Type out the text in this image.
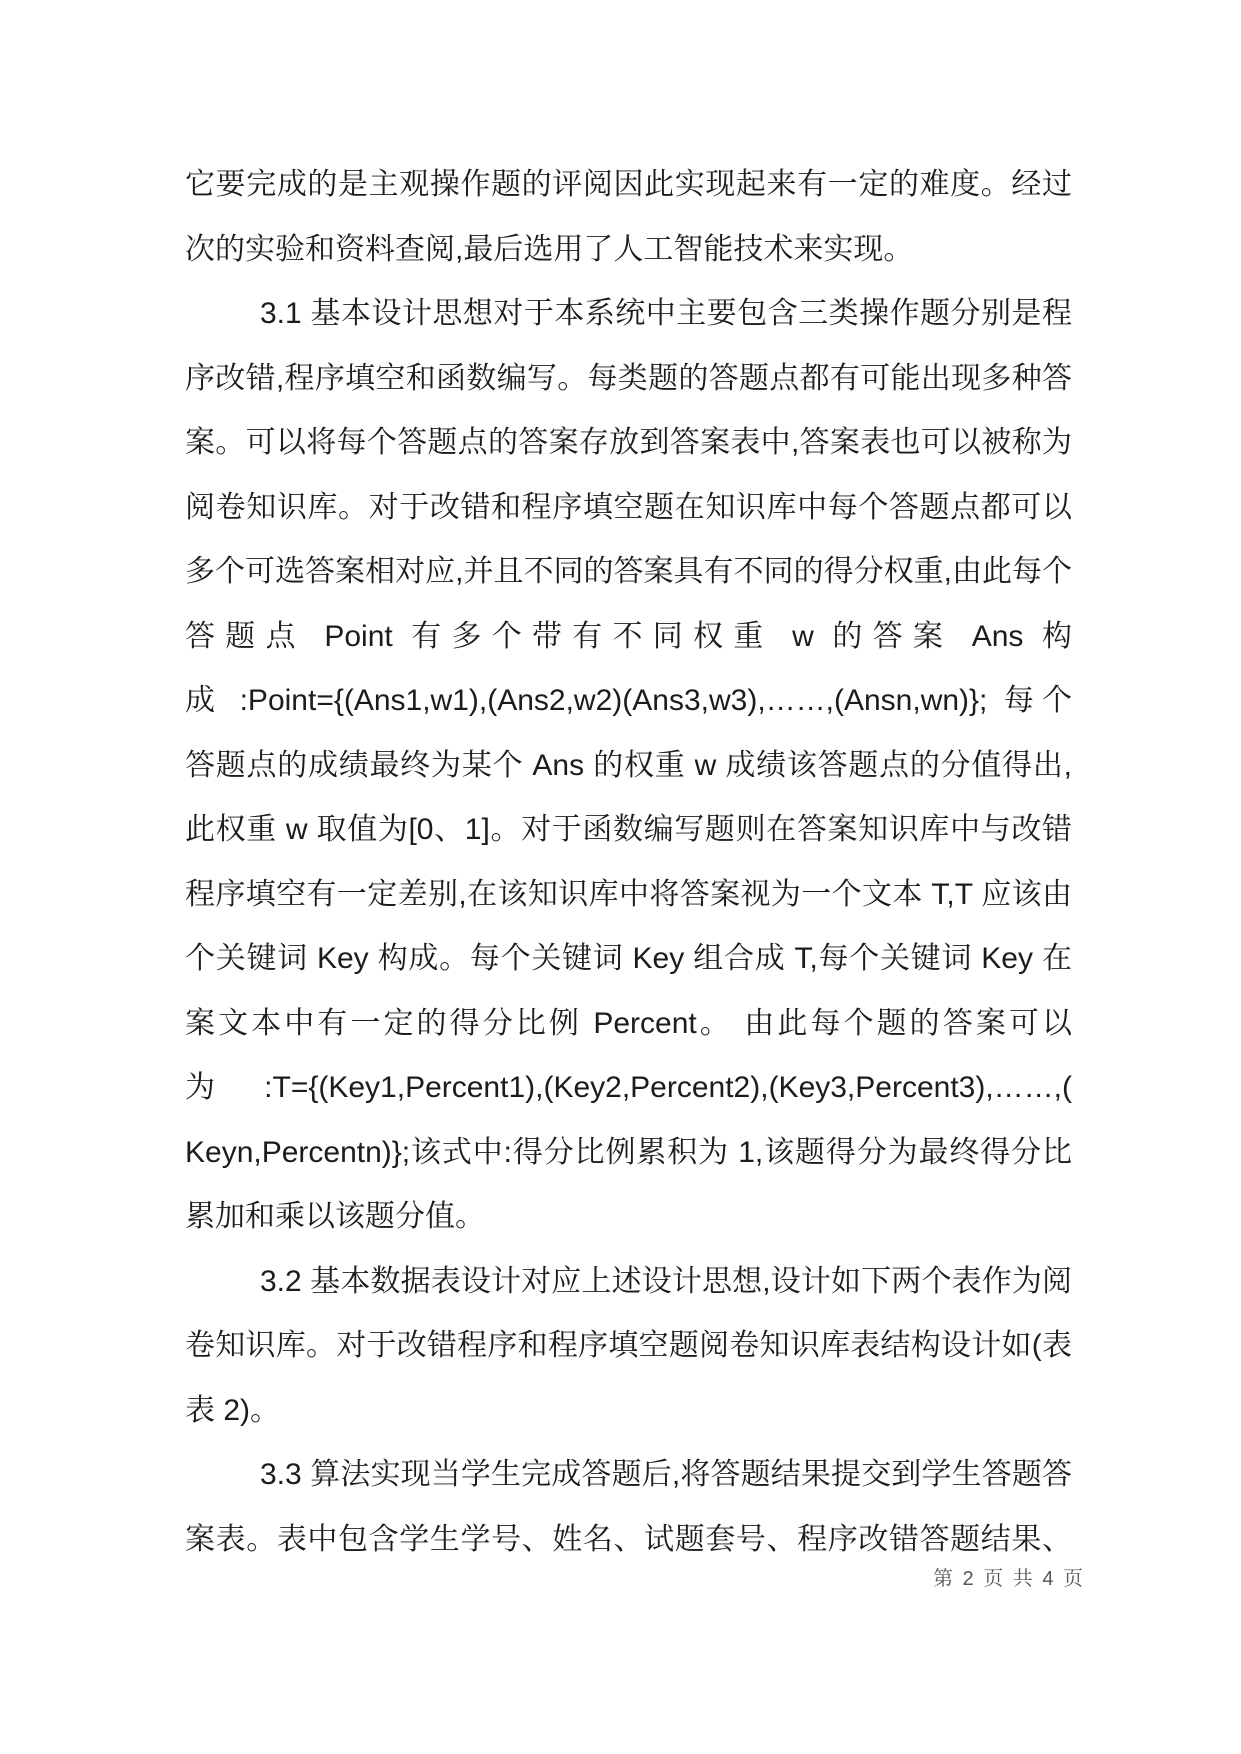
它要完成的是主观操作题的评阅因此实现起来有一定的难度。经过
次的实验和资料查阅,最后选用了人工智能技术来实现。
3.1 基本设计思想对于本系统中主要包含三类操作题分别是程
序改错,程序填空和函数编写。每类题的答题点都有可能出现多种答
案。可以将每个答题点的答案存放到答案表中,答案表也可以被称为
阅卷知识库。对于改错和程序填空题在知识库中每个答题点都可以
多个可选答案相对应,并且不同的答案具有不同的得分权重,由此每个
答题点 Point 有多个带有不同权重 w 的答案 Ans 构
成 :Point={(Ans1,w1),(Ans2,w2)(Ans3,w3),……,(Ansn,wn)}; 每个
答题点的成绩最终为某个 Ans 的权重 w 成绩该答题点的分值得出,
此权重 w 取值为[0、1]。对于函数编写题则在答案知识库中与改错
程序填空有一定差别,在该知识库中将答案视为一个文本 T,T 应该由
个关键词 Key 构成。每个关键词 Key 组合成 T,每个关键词 Key 在
案文本中有一定的得分比例 Percent。 由此每个题的答案可以
为 :T={(Key1,Percent1),(Key2,Percent2),(Key3,Percent3),……,(
Keyn,Percentn)};该式中:得分比例累积为 1,该题得分为最终得分比
累加和乘以该题分值。
3.2 基本数据表设计对应上述设计思想,设计如下两个表作为阅
卷知识库。对于改错程序和程序填空题阅卷知识库表结构设计如(表
表 2)。
3.3 算法实现当学生完成答题后,将答题结果提交到学生答题答
案表。表中包含学生学号、姓名、试题套号、程序改错答题结果、
第 2 页 共 4 页
